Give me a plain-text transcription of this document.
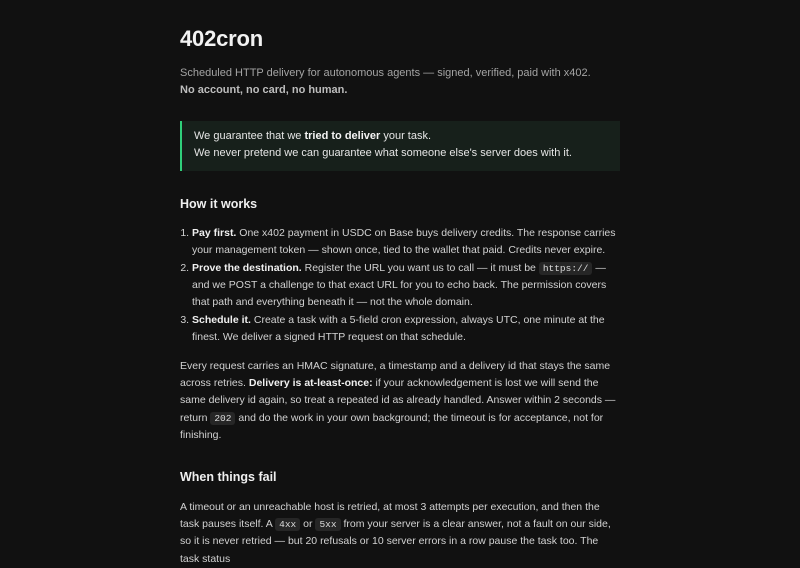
402cron

Scheduled HTTP delivery for autonomous agents — signed, verified, paid with x402. No account, no card, no human.

We guarantee that we tried to deliver your task.
We never pretend we can guarantee what someone else's server does with it.
How it works
1. Pay first. One x402 payment in USDC on Base buys delivery credits. The response carries your management token — shown once, tied to the wallet that paid. Credits never expire.
2. Prove the destination. Register the URL you want us to call — it must be https:// — and we POST a challenge to that exact URL for you to echo back. The permission covers that path and everything beneath it — not the whole domain.
3. Schedule it. Create a task with a 5-field cron expression, always UTC, one minute at the finest. We deliver a signed HTTP request on that schedule.

Every request carries an HMAC signature, a timestamp and a delivery id that stays the same across retries. Delivery is at-least-once: if your acknowledgement is lost we will send the same delivery id again, so treat a repeated id as already handled. Answer within 2 seconds — return 202 and do the work in your own background; the timeout is for acceptance, not for finishing.

When things fail

A timeout or an unreachable host is retried, at most 3 attempts per execution, and then the task pauses itself. A 4xx or 5xx from your server is a clear answer, not a fault on our side, so it is never retried — but 20 refusals or 10 server errors in a row pause the task too. The task status
